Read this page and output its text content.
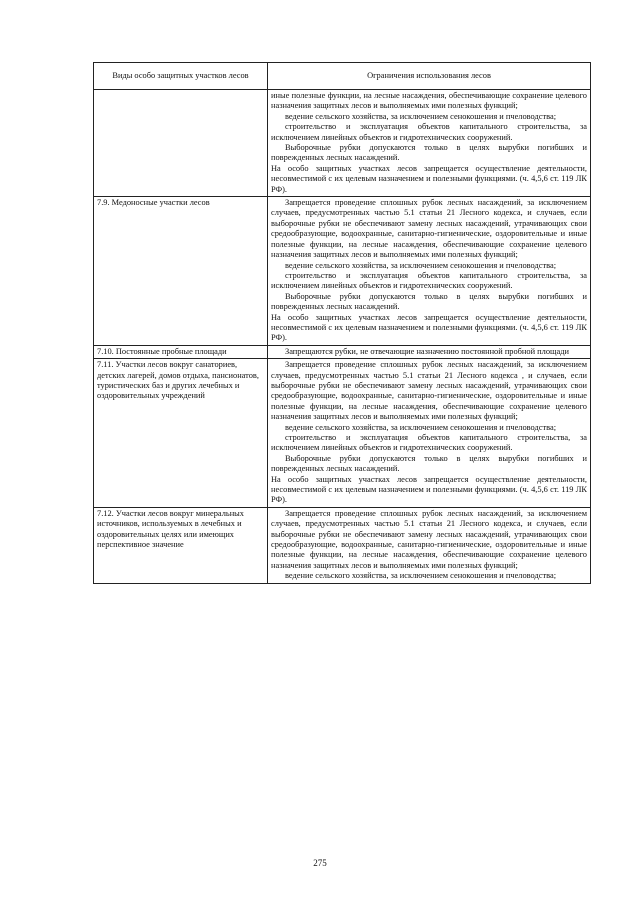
Виды особо защитных участков лесов	Ограничения использования лесов

	иные полезные функции, на лесные насаждения, обеспечивающие сохранение целевого назначения защитных лесов и выполняемых ими полезных функций;
ведение сельского хозяйства, за исключением сенокошения и пчеловодства;
строительство и эксплуатация объектов капитального строительства, за исключением линейных объектов и гидротехнических сооружений.
Выборочные рубки допускаются только в целях вырубки погибших и поврежденных лесных насаждений.
На особо защитных участках лесов запрещается осуществление деятельности, несовместимой с их целевым назначением и полезными функциями. (ч. 4,5,6 ст. 119 ЛК РФ).

7.9. Медоносные участки лесов	Запрещается проведение сплошных рубок лесных насаждений, за исключением случаев, предусмотренных частью 5.1 статьи 21 Лесного кодекса, и случаев, если выборочные рубки не обеспечивают замену лесных насаждений, утрачивающих свои средообразующие, водоохранные, санитарно-гигиенические, оздоровительные и иные полезные функции, на лесные насаждения, обеспечивающие сохранение целевого назначения защитных лесов и выполняемых ими полезных функций;
ведение сельского хозяйства, за исключением сенокошения и пчеловодства;
строительство и эксплуатация объектов капитального строительства, за исключением линейных объектов и гидротехнических сооружений.
Выборочные рубки допускаются только в целях вырубки погибших и поврежденных лесных насаждений.
На особо защитных участках лесов запрещается осуществление деятельности, несовместимой с их целевым назначением и полезными функциями. (ч. 4,5,6 ст. 119 ЛК РФ).

7.10. Постоянные пробные площади	Запрещаются рубки, не отвечающие назначению постоянной пробной площади

7.11. Участки лесов вокруг санаториев, детских лагерей, домов отдыха, пансионатов, туристических баз и других лечебных и оздоровительных учреждений	Запрещается проведение сплошных рубок лесных насаждений, за исключением случаев, предусмотренных частью 5.1 статьи 21 Лесного кодекса , и случаев, если выборочные рубки не обеспечивают замену лесных насаждений, утрачивающих свои средообразующие, водоохранные, санитарно-гигиенические, оздоровительные и иные полезные функции, на лесные насаждения, обеспечивающие сохранение целевого назначения защитных лесов и выполняемых ими полезных функций;
ведение сельского хозяйства, за исключением сенокошения и пчеловодства;
строительство и эксплуатация объектов капитального строительства, за исключением линейных объектов и гидротехнических сооружений.
Выборочные рубки допускаются только в целях вырубки погибших и поврежденных лесных насаждений.
На особо защитных участках лесов запрещается осуществление деятельности, несовместимой с их целевым назначением и полезными функциями. (ч. 4,5,6 ст. 119 ЛК РФ).

7.12. Участки лесов вокруг минеральных источников, используемых в лечебных и оздоровительных целях или имеющих перспективное значение	Запрещается проведение сплошных рубок лесных насаждений, за исключением случаев, предусмотренных частью 5.1 статьи 21 Лесного кодекса, и случаев, если выборочные рубки не обеспечивают замену лесных насаждений, утрачивающих свои средообразующие, водоохранные, санитарно-гигиенические, оздоровительные и иные полезные функции, на лесные насаждения, обеспечивающие сохранение целевого назначения защитных лесов и выполняемых ими полезных функций;
ведение сельского хозяйства, за исключением сенокошения и пчеловодства;
275
